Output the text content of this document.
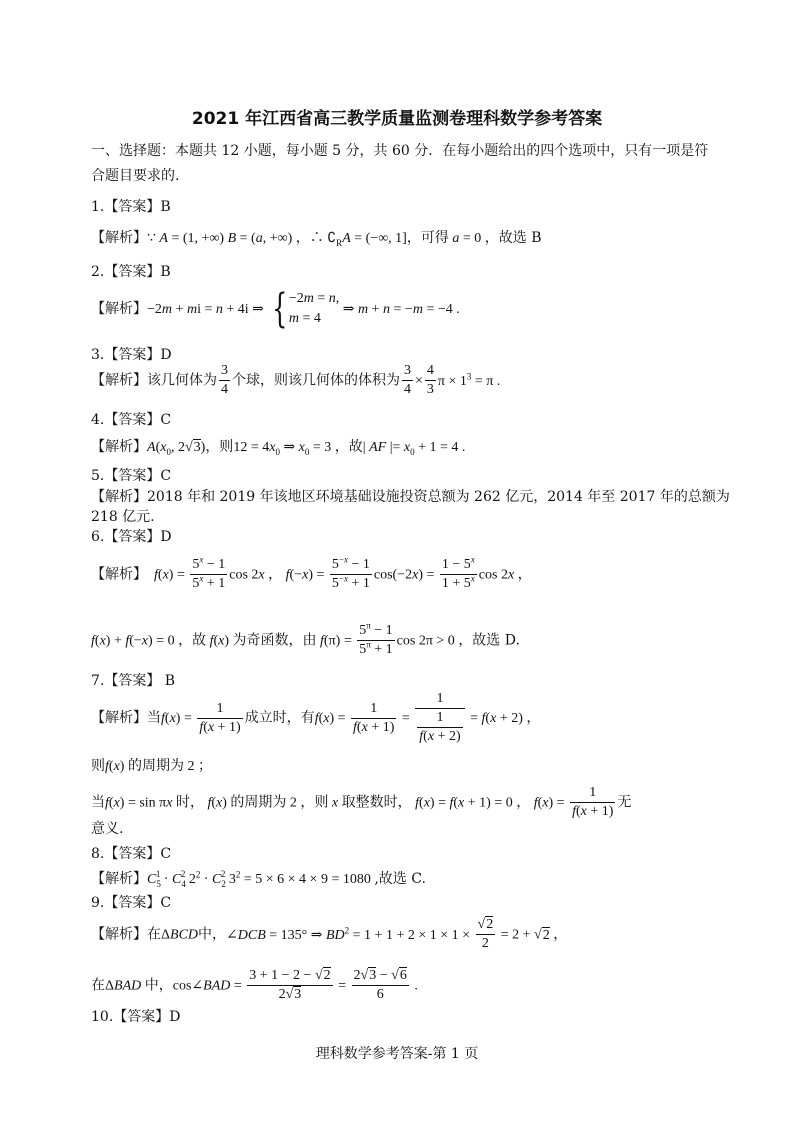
2021 年江西省高三教学质量监测卷理科数学参考答案
一、选择题：本题共 12 小题，每小题 5 分，共 60 分．在每小题给出的四个选项中，只有一项是符
合题目要求的.
1.【答案】B
【解析】∵ A = (1, +∞) B = (a, +∞) ，∴ $∁_RA$ = (−∞, 1]，可得 a = 0 ，故选 B
2.【答案】B
【解析】−2m + mi = n + 4i ⇒ { −2m = n,
m = 4
⇒ m + n = −m = −4 .
3.【答案】D
【解析】该几何体为 $\frac{3}{4}$ 个球，则该几何体的体积为 $\frac{3}{4} \times \frac{4}{3}$ $\pi \times 1^3 = \pi$ .
4.【答案】C
【解析】$A(x_0$, 2√3)，则$12 = 4x_0$ ⇒ $x_0 = 3$ ，故| AF |= $x_0 + 1 = 4$ .
5.【答案】C
【解析】2018 年和 2019 年该地区环境基础设施投资总额为 262 亿元，2014 年至 2017 年的总额为
218 亿元.
6.【答案】D
【解析】 $f(x) = \frac{5^x - 1}{5^x + 1}$ cos 2x ， $f(-x) = \frac{5^{-x} - 1}{5^{-x} + 1} \cos(-2x) = \frac{1 - 5^x}{1 + 5^x}$ cos 2x ，
f(x) + f(−x) = 0 ，故 f(x) 为奇函数，由 $f(\pi) = \frac{5^\pi - 1}{5^\pi + 1}$ cos 2π > 0 ，故选 D.
7.【答案】 B
【解析】当$f(x) = \frac{1}{f(x + 1)}$ 成立时，有$f(x) = \frac{1}{f(x + 1)} = \frac{1}{\frac{1}{f(x + 2)}} = f(x + 2)$ ，
则f(x) 的周期为 2 ；
当f(x) = sin πx 时， f(x) 的周期为 2 ，则 x 取整数时， f(x) = f(x + 1) = 0 ， $f(x) = \frac{1}{f(x + 1)}$ 无
意义.
8.【答案】C
【解析】$C_5^1 \cdot C_4^2$ $2^2 \cdot C_2^2$ $3^2 = 5 \times 6 \times 4 \times 9 = 1080$ ,故选 C.
9.【答案】C
【解析】在ΔBCD中，∠DCB = 135° ⇒ $BD^2 = 1 + 1 + 2 \times 1 \times 1 \times \frac{√2}{2} = 2 + √2$ ，
在ΔBAD 中，cos∠BAD = $\frac{3 + 1 - 2 - √2}{2√3} = \frac{2√3 - √6}{6}$ .
10.【答案】D
理科数学参考答案-第 1 页
